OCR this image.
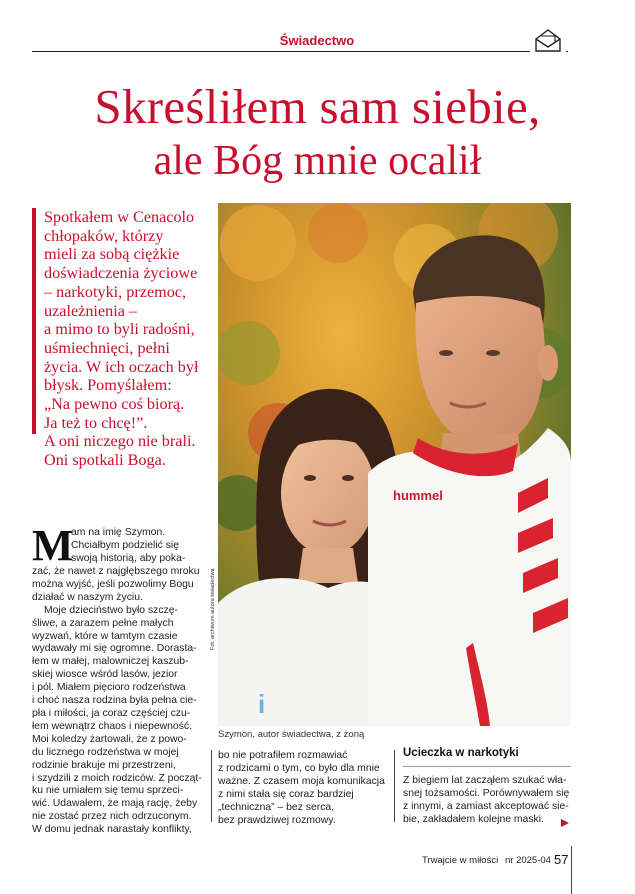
Świadectwo
Skreśliłem sam siebie,
ale Bóg mnie ocalił
Spotkałem w Cenacolo
chłopaków, którzy
mieli za sobą ciężkie
doświadczenia życiowe
– narkotyki, przemoc,
uzależnienia –
a mimo to byli radośni,
uśmiechnięci, pełni
życia. W ich oczach był
błysk. Pomyślałem:
„Na pewno coś biorą.
Ja też to chcę!”.
A oni niczego nie brali.
Oni spotkali Boga.
i
hummel
Fot. archiwum autora świadectwa
Szymon, autor świadectwa, z żoną
M
am na imię Szymon.
Chciałbym podzielić się
swoją historią, aby poka-
zać, że nawet z najgłębszego mroku
można wyjść, jeśli pozwolimy Bogu
działać w naszym życiu.
Moje dzieciństwo było szczę-
śliwe, a zarazem pełne małych
wyzwań, które w tamtym czasie
wydawały mi się ogromne. Dorasta-
łem w małej, malowniczej kaszub-
skiej wiosce wśród lasów, jezior
i pól. Miałem pięcioro rodzeństwa
i choć nasza rodzina była pełna cie-
pła i miłości, ja coraz częściej czu-
łem wewnątrz chaos i niepewność.
Moi koledzy żartowali, że z powo-
du licznego rodzeństwa w mojej
rodzinie brakuje mi przestrzeni,
i szydzili z moich rodziców. Z począt-
ku nie umiałem się temu sprzeci-
wić. Udawałem, że mają rację, żeby
nie zostać przez nich odrzuconym.
W domu jednak narastały konflikty,
bo nie potrafiłem rozmawiać
z rodzicami o tym, co było dla mnie
ważne. Z czasem moja komunikacja
z nimi stała się coraz bardziej
„techniczna” – bez serca,
bez prawdziwej rozmowy.
Ucieczka w narkotyki
Z biegiem lat zacząłem szukać wła-
snej tożsamości. Porównywałem się
z innymi, a zamiast akceptować sie-
bie, zakładałem kolejne maski.
Trwajcie w miłości nr 2025-04 57
